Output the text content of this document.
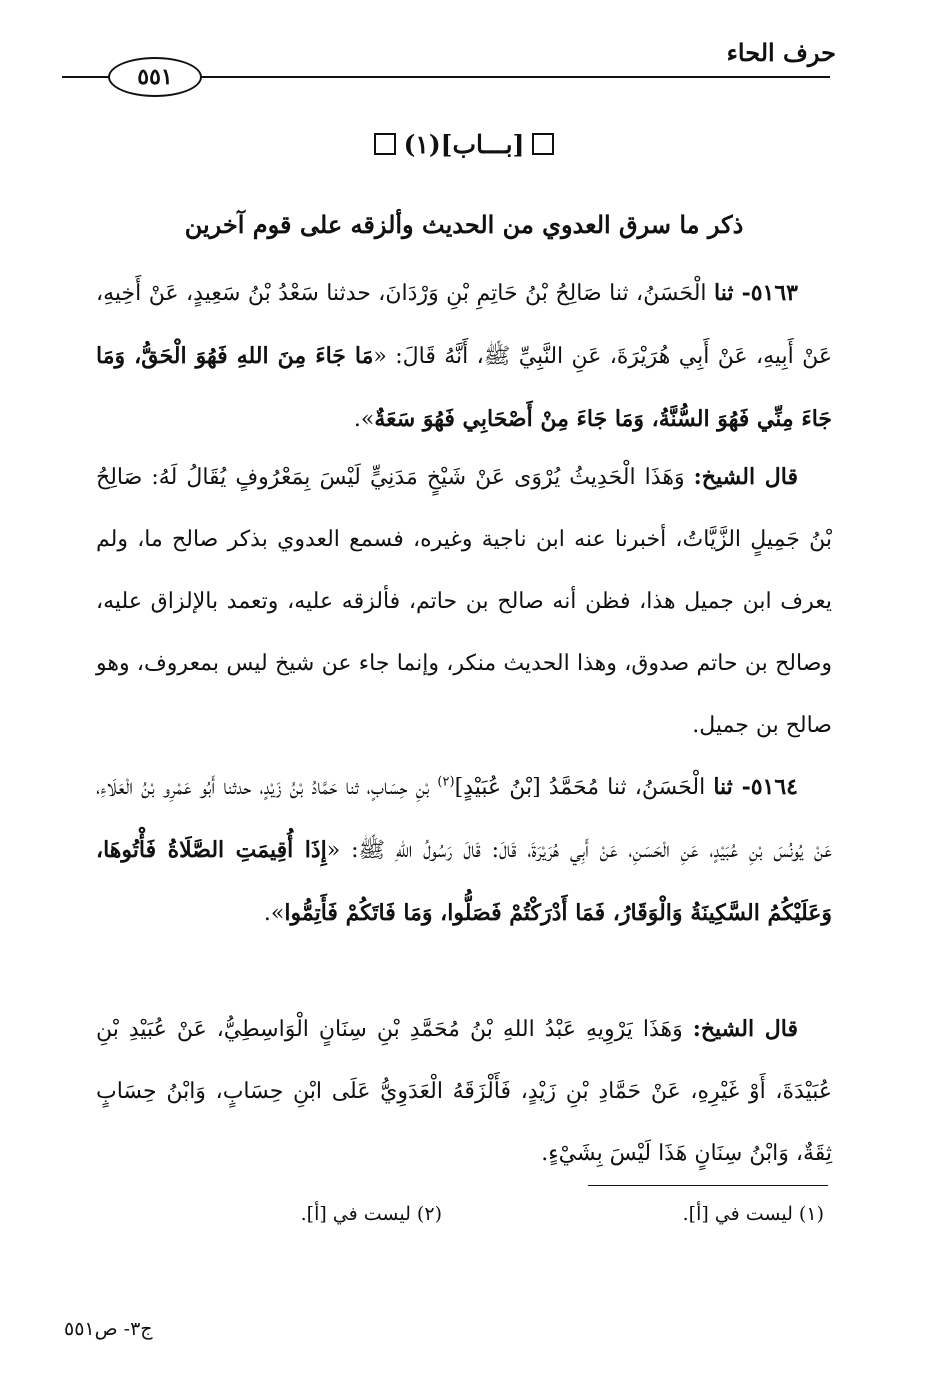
حرف الحاء
٥٥١
[بـــاب](١)
ذكر ما سرق العدوي من الحديث وألزقه على قوم آخرين
٥١٦٣- ثنا الْحَسَنُ، ثنا صَالِحُ بْنُ حَاتِمِ بْنِ وَرْدَانَ، حدثنا سَعْدُ بْنُ سَعِيدٍ، عَنْ أَخِيهِ، عَنْ أَبِيهِ، عَنْ أَبِي هُرَيْرَةَ، عَنِ النَّبِيِّ ﷺ، أَنَّهُ قَالَ: «مَا جَاءَ مِنَ اللهِ فَهُوَ الْحَقُّ، وَمَا جَاءَ مِنِّي فَهُوَ السُّنَّةُ، وَمَا جَاءَ مِنْ أَصْحَابِي فَهُوَ سَعَةٌ».
قال الشيخ: وَهَذَا الْحَدِيثُ يُرْوَى عَنْ شَيْخٍ مَدَنِيٍّ لَيْسَ بِمَعْرُوفٍ يُقَالُ لَهُ: صَالِحُ بْنُ جَمِيلٍ الزَّيَّاتُ، أخبرنا عنه ابن ناجية وغيره، فسمع العدوي بذكر صالح ما، ولم يعرف ابن جميل هذا، فظن أنه صالح بن حاتم، فألزقه عليه، وتعمد بالإلزاق عليه، وصالح بن حاتم صدوق، وهذا الحديث منكر، وإنما جاء عن شيخ ليس بمعروف، وهو صالح بن جميل.
٥١٦٤- ثنا الْحَسَنُ، ثنا مُحَمَّدُ [بْنُ عُبَيْدٍ]$^{(٢)}$ بْنِ حِسَابٍ، ثنا حَمَّادُ بْنُ زَيْدٍ، حدثنا أَبُو عَمْرِو بْنُ الْعَلَاءِ، عَنْ يُونُسَ بْنِ عُبَيْدٍ، عَنِ الْحَسَنِ، عَنْ أَبِي هُرَيْرَةَ، قَالَ: قَالَ رَسُولُ اللهِ ﷺ: «إِذَا أُقِيمَتِ الصَّلَاةُ فَأْتُوهَا، وَعَلَيْكُمُ السَّكِينَةُ وَالْوَقَارُ، فَمَا أَدْرَكْتُمْ فَصَلُّوا، وَمَا فَاتَكُمْ فَأَتِمُّوا».
قال الشيخ: وَهَذَا يَرْوِيهِ عَبْدُ اللهِ بْنُ مُحَمَّدِ بْنِ سِنَانٍ الْوَاسِطِيُّ، عَنْ عُبَيْدِ بْنِ عُبَيْدَةَ، أَوْ غَيْرِهِ، عَنْ حَمَّادِ بْنِ زَيْدٍ، فَأَلْزَقَهُ الْعَدَوِيُّ عَلَى ابْنِ حِسَابٍ، وَابْنُ حِسَابٍ ثِقَةٌ، وَابْنُ سِنَانٍ هَذَا لَيْسَ بِشَيْءٍ.
(١) ليست في [أ].
(٢) ليست في [أ].
ج٣- ص٥٥١
